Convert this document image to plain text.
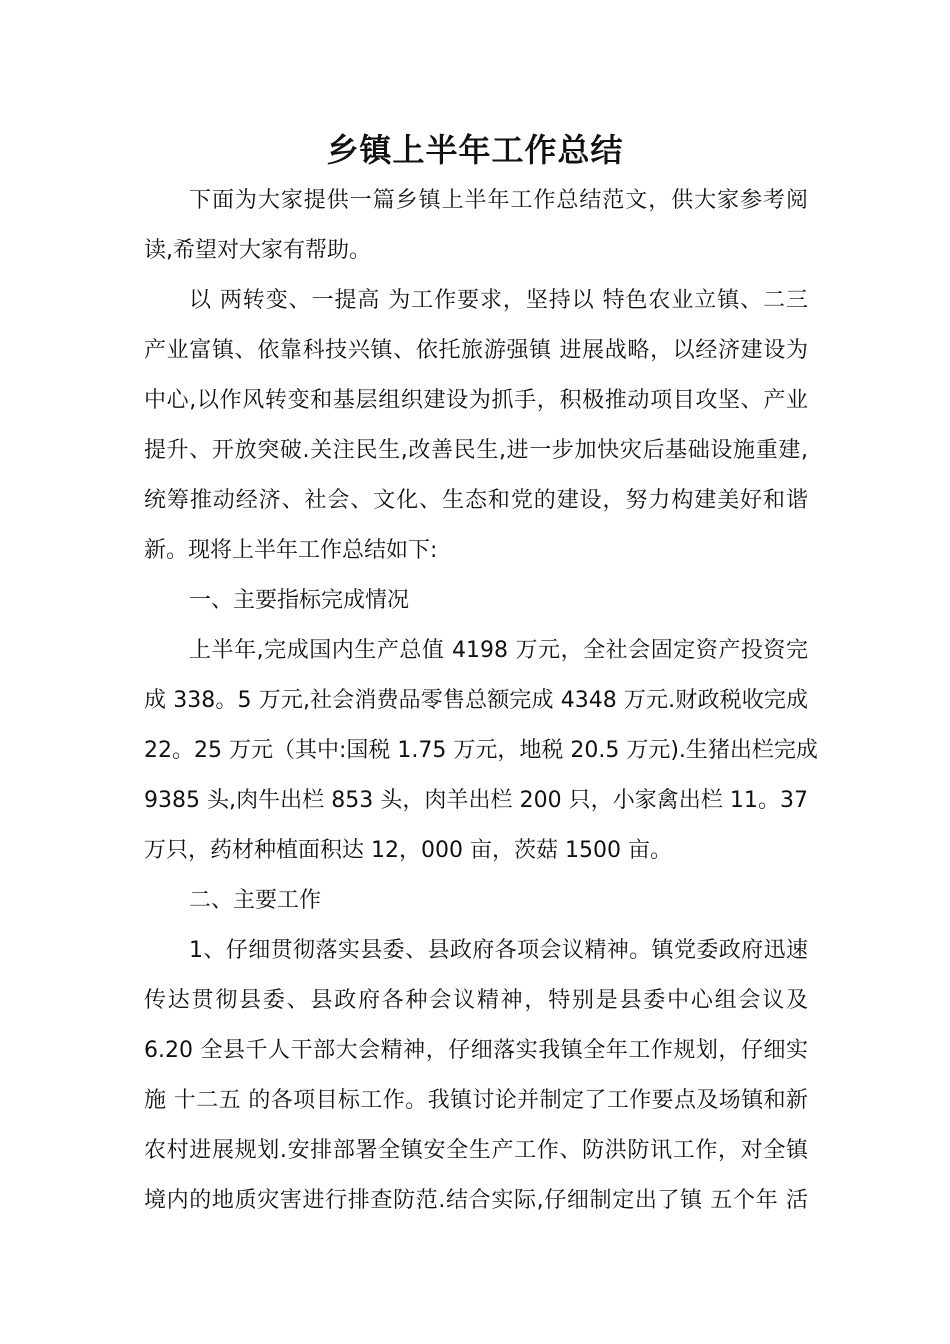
乡镇上半年工作总结
下面为大家提供一篇乡镇上半年工作总结范文，供大家参考阅
读,希望对大家有帮助。
以 两转变、一提高 为工作要求，坚持以 特色农业立镇、二三
产业富镇、依靠科技兴镇、依托旅游强镇 进展战略，以经济建设为
中心,以作风转变和基层组织建设为抓手，积极推动项目攻坚、产业
提升、开放突破.关注民生,改善民生,进一步加快灾后基础设施重建,
统筹推动经济、社会、文化、生态和党的建设，努力构建美好和谐
新。现将上半年工作总结如下:
一、主要指标完成情况
上半年,完成国内生产总值 4198 万元，全社会固定资产投资完
成 338。5 万元,社会消费品零售总额完成 4348 万元.财政税收完成
22。25 万元（其中:国税 1.75 万元，地税 20.5 万元).生猪出栏完成
9385 头,肉牛出栏 853 头，肉羊出栏 200 只，小家禽出栏 11。37
万只，药材种植面积达 12，000 亩，茨菇 1500 亩。
二、主要工作
1、仔细贯彻落实县委、县政府各项会议精神。镇党委政府迅速
传达贯彻县委、县政府各种会议精神，特别是县委中心组会议及
6.20 全县千人干部大会精神，仔细落实我镇全年工作规划，仔细实
施 十二五 的各项目标工作。我镇讨论并制定了工作要点及场镇和新
农村进展规划.安排部署全镇安全生产工作、防洪防讯工作，对全镇
境内的地质灾害进行排查防范.结合实际,仔细制定出了镇 五个年 活
